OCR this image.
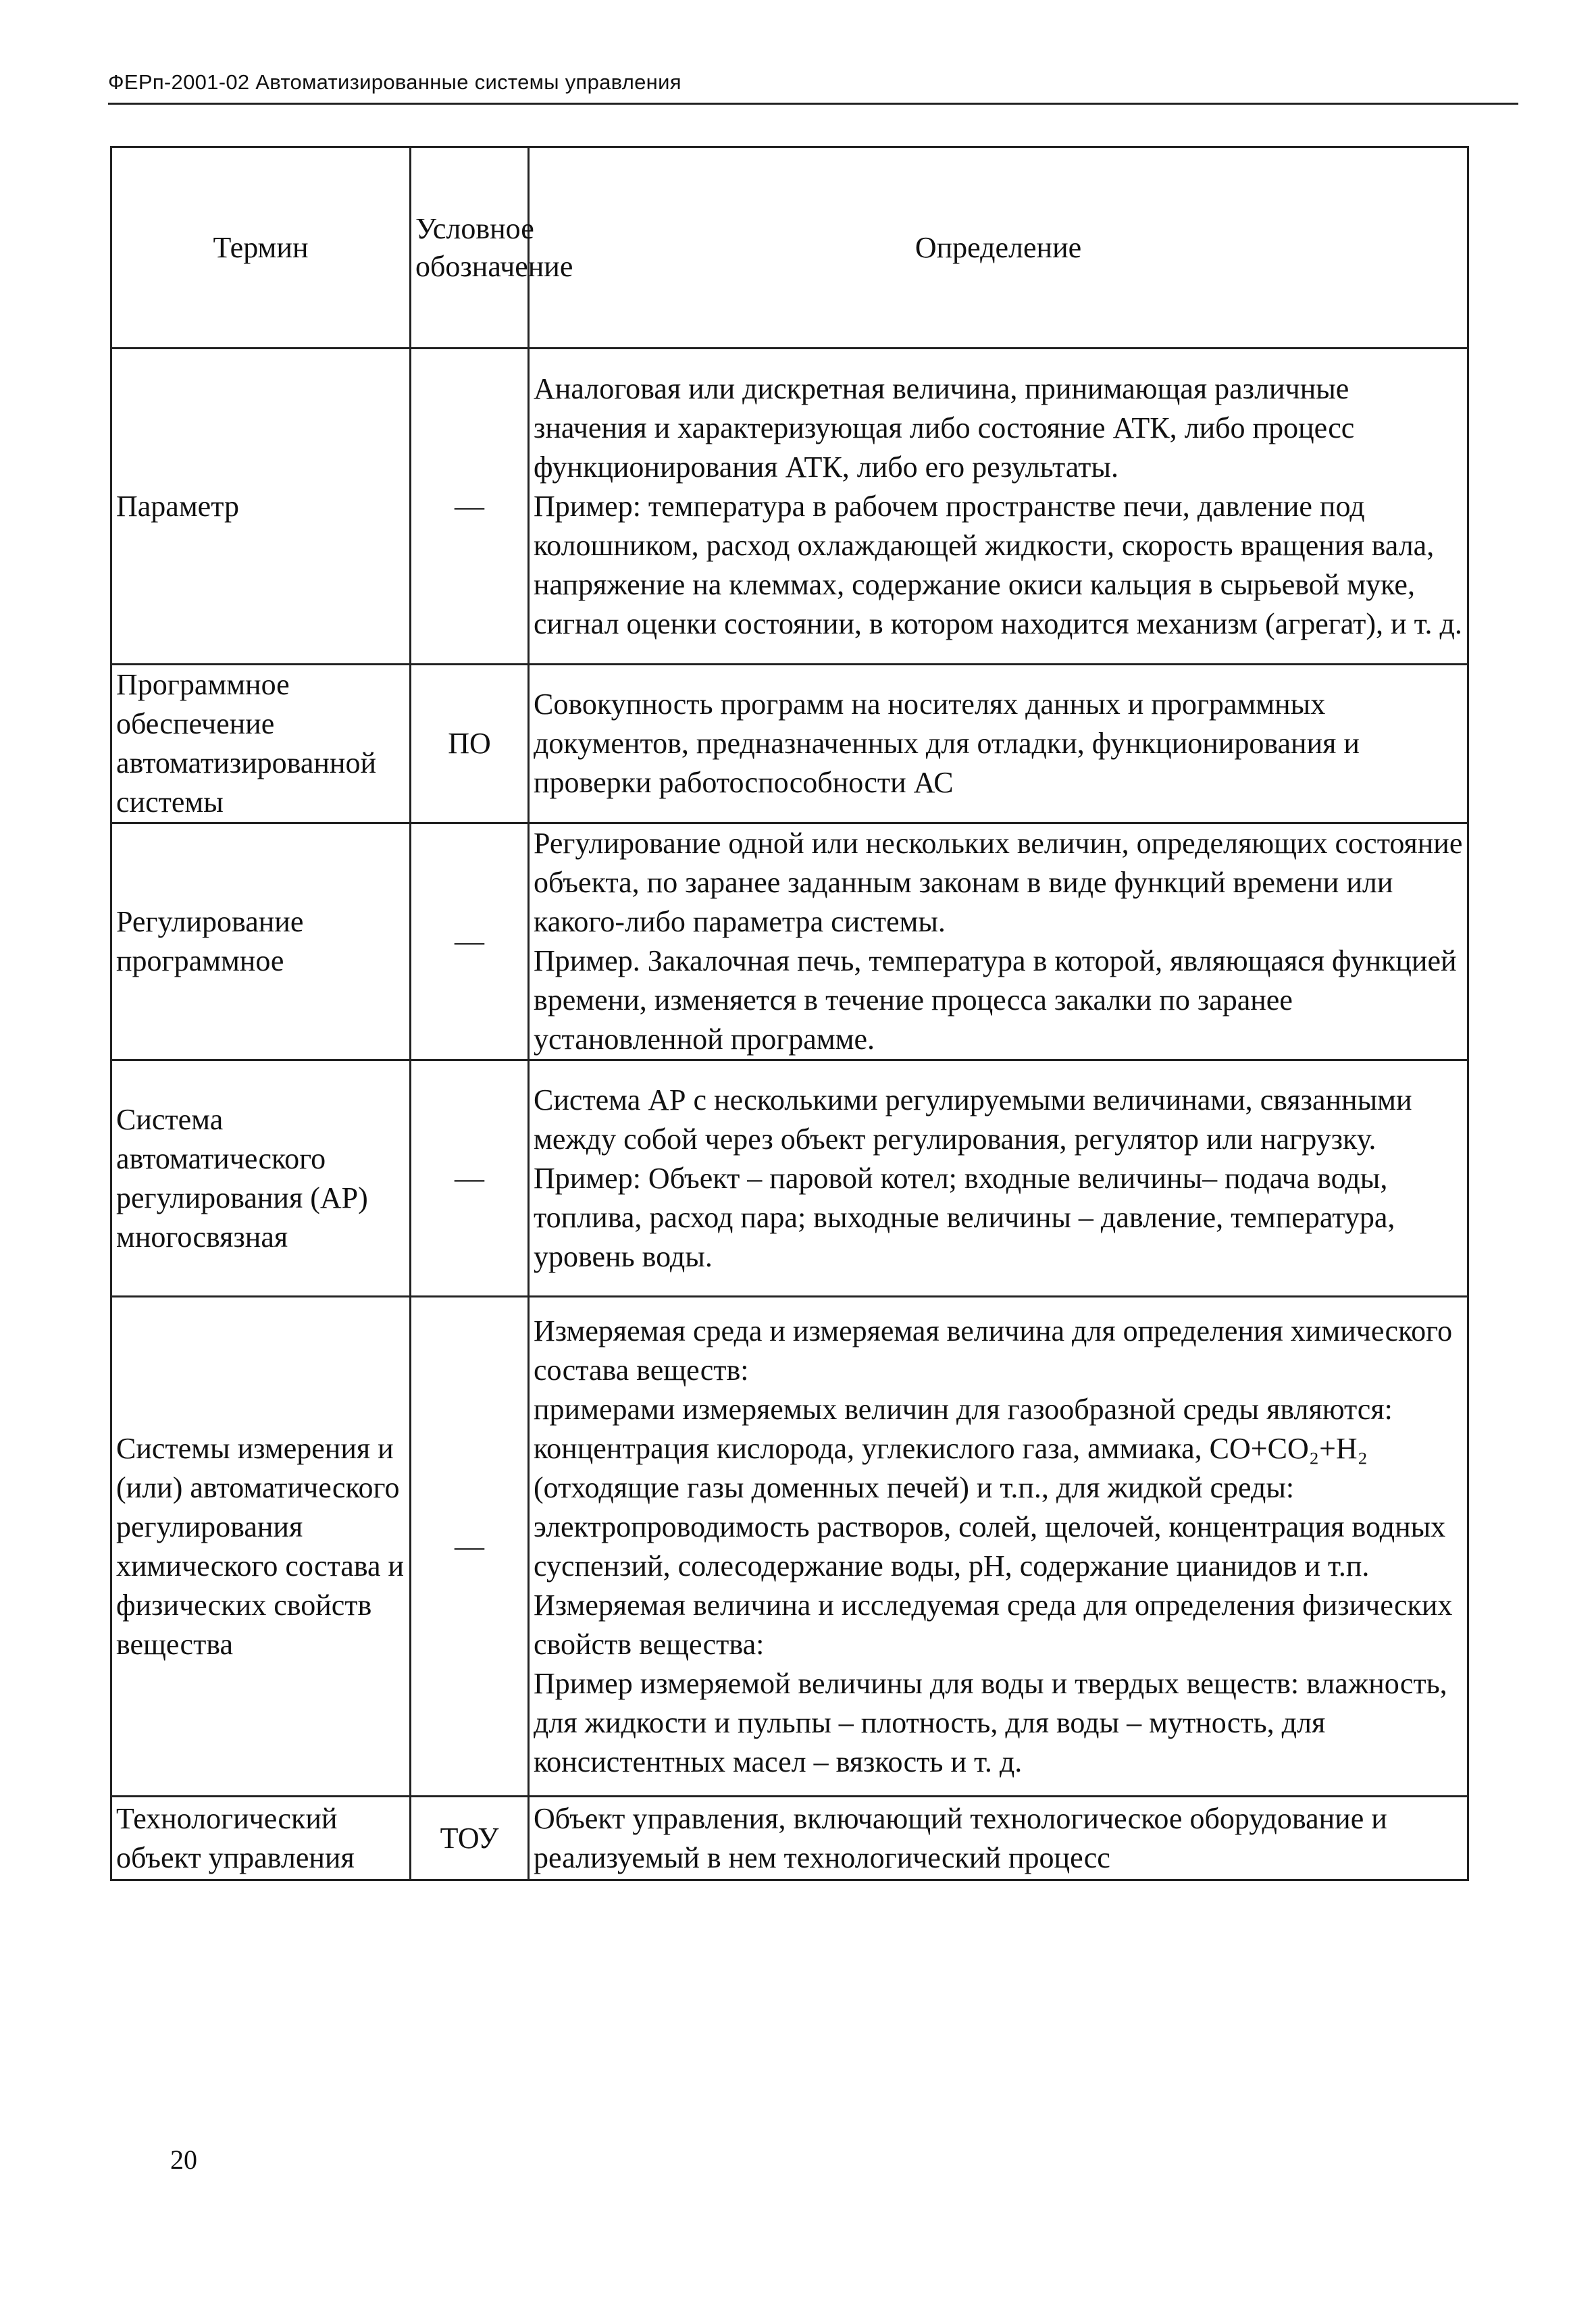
ФЕРп-2001-02 Автоматизированные системы управления
Термин	Условное обозначение	Определение
Параметр	—	Аналоговая или дискретная величина, принимающая различные значения и характеризующая либо состояние АТК, либо процесс функционирования АТК, либо его результаты.

Пример: температура в рабочем пространстве печи, давление под колошником, расход охлаждающей жидкости, скорость вращения вала, напряжение на клеммах, содержание окиси кальция в сырьевой муке, сигнал оценки состоянии, в котором находится механизм (агрегат), и т. д.

Программное обеспечение автоматизированной системы	ПО	Совокупность программ на носителях данных и программных документов, предназначенных для отладки, функционирования и проверки работоспособности АС

Регулирование программное	—	Регулирование одной или нескольких величин, определяющих состояние объекта, по заранее заданным законам в виде функций времени или какого-либо параметра системы.

Пример. Закалочная печь, температура в которой, являющаяся функцией времени, изменяется в течение процесса закалки по заранее установленной программе.

Система автоматического регулирования (АР) многосвязная	—	Система АР с несколькими регулируемыми величинами, связанными между собой через объект регулирования, регулятор или нагрузку.

Пример: Объект – паровой котел; входные величины– подача воды, топлива, расход пара; выходные величины – давление, температура, уровень воды.

Системы измерения и (или) автоматического регулирования химического состава и физических свойств вещества	—	Измеряемая среда и измеряемая величина для определения химического состава веществ:

примерами измеряемых величин для газообразной среды являются: концентрация кислорода, углекислого газа, аммиака, CO+CO₂+H₂ (отходящие газы доменных печей) и т.п., для жидкой среды: электропроводимость растворов, солей, щелочей, концентрация водных суспензий, солесодержание воды, pH, содержание цианидов и т.п.

Измеряемая величина и исследуемая среда для определения физических свойств вещества:

Пример измеряемой величины для воды и твердых веществ: влажность, для жидкости и пульпы – плотность, для воды – мутность, для консистентных масел – вязкость и т. д.

Технологический объект управления	ТОУ	Объект управления, включающий технологическое оборудование и реализуемый в нем технологический процесс

20
